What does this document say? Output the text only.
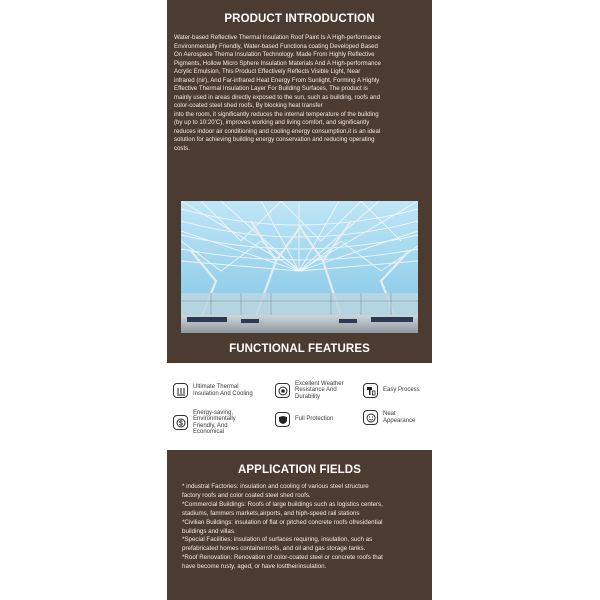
PRODUCT INTRODUCTION

Water-based Reflective Thermal Insulation Roof Paint Is A High-performance
Environmentally Friendly, Water-based Functiona coating Developed Based
On Aerospace Thema Insulation Technology. Made From Highly Reflective
Pigments, Hollow Micro Sphere Insulation Materials And A High-performance
Acrylic Emulsion, This Product Effectively Reflects Visible Light, Near
infrared (nir), And Far-infrared Heat Energy From Sunlight, Forming A Highly
Effective Thermal Insulation Layer For Building Surfaces, The product is
mainly used in areas directly exposed to the sun, such as building, roofs and
color-coated steel shed roofs, By blocking heat transfer
into the room, it significantly reduces the internal temperature of the building
(by up to 10:20'C), improves working and living comfort, and significantly
reduces indoor air conditioning and cooling energy consumption,it is an ideal
solution for achieving building energy conservation and reducing operating
costs.

FUNCTIONAL FEATURES
Ultimate Thermal
Insulation And Cooling
Excellent Weather
Resistance And
Durability
Easy Process
$
Energy-saving,
Environmentally
Friendly, And
Economical
Full Protection
Neat
Appearance
APPLICATION FIELDS
* industral Factories: insulation and cooling of various steel structure
factory roofs and color coated steel shed roofs.
*Commercial Buildings: Roofs of large buildings such as logistics centers,
stadiums, fammers markets,airports, and hiph-speed rail stations
*Civilian Buildings: insulation of flat or pitched concrete roofs ofresidential
buildings and villas.
*Special Facilities: insulation of surfaces requiring, insulation, such as
prefabricated homes containerroofs, and oil and gas storage tanks.
*Roof Renovation: Renovation of color-coated steel or concrete roofs that
have become rusty, aged, or have losttheirinsulation.
